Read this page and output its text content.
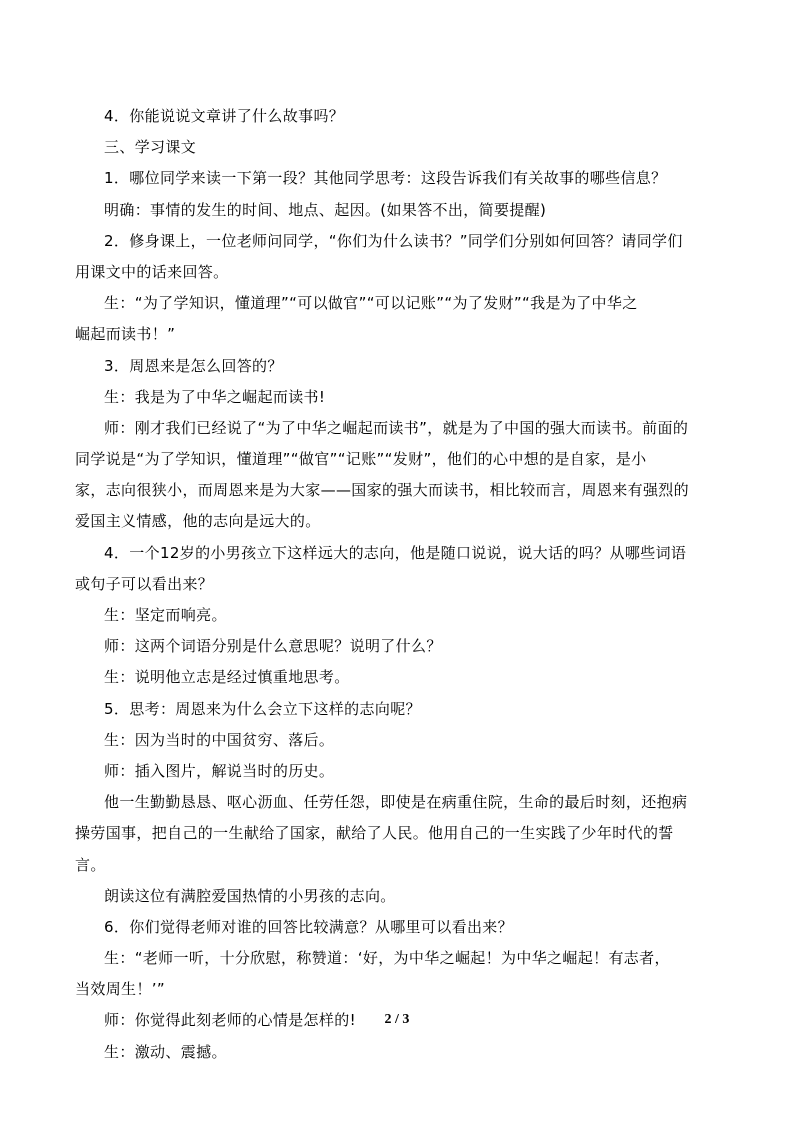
4．你能说说文章讲了什么故事吗？
三、学习课文
1．哪位同学来读一下第一段？其他同学思考：这段告诉我们有关故事的哪些信息？
明确：事情的发生的时间、地点、起因。(如果答不出，简要提醒)
2．修身课上，一位老师问同学，“你们为什么读书？”同学们分别如何回答？请同学们
用课文中的话来回答。
生：“为了学知识，懂道理”“可以做官”“可以记账”“为了发财”“我是为了中华之
崛起而读书！”
3．周恩来是怎么回答的？
生：我是为了中华之崛起而读书!
师：刚才我们已经说了“为了中华之崛起而读书”，就是为了中国的强大而读书。前面的
同学说是“为了学知识，懂道理”“做官”“记账”“发财”，他们的心中想的是自家，是小
家，志向很狭小，而周恩来是为大家——国家的强大而读书，相比较而言，周恩来有强烈的
爱国主义情感，他的志向是远大的。
4．一个12岁的小男孩立下这样远大的志向，他是随口说说，说大话的吗？从哪些词语
或句子可以看出来？
生：坚定而响亮。
师：这两个词语分别是什么意思呢？说明了什么？
生：说明他立志是经过慎重地思考。
5．思考：周恩来为什么会立下这样的志向呢？
生：因为当时的中国贫穷、落后。
师：插入图片，解说当时的历史。
他一生勤勤恳恳、呕心沥血、任劳任怨，即使是在病重住院，生命的最后时刻，还抱病
操劳国事，把自己的一生献给了国家，献给了人民。他用自己的一生实践了少年时代的誓
言。
朗读这位有满腔爱国热情的小男孩的志向。
6．你们觉得老师对谁的回答比较满意？从哪里可以看出来？
生：“老师一听，十分欣慰，称赞道：‘好，为中华之崛起！为中华之崛起！有志者，
当效周生！’”
师：你觉得此刻老师的心情是怎样的!
生：激动、震撼。
2 / 3
